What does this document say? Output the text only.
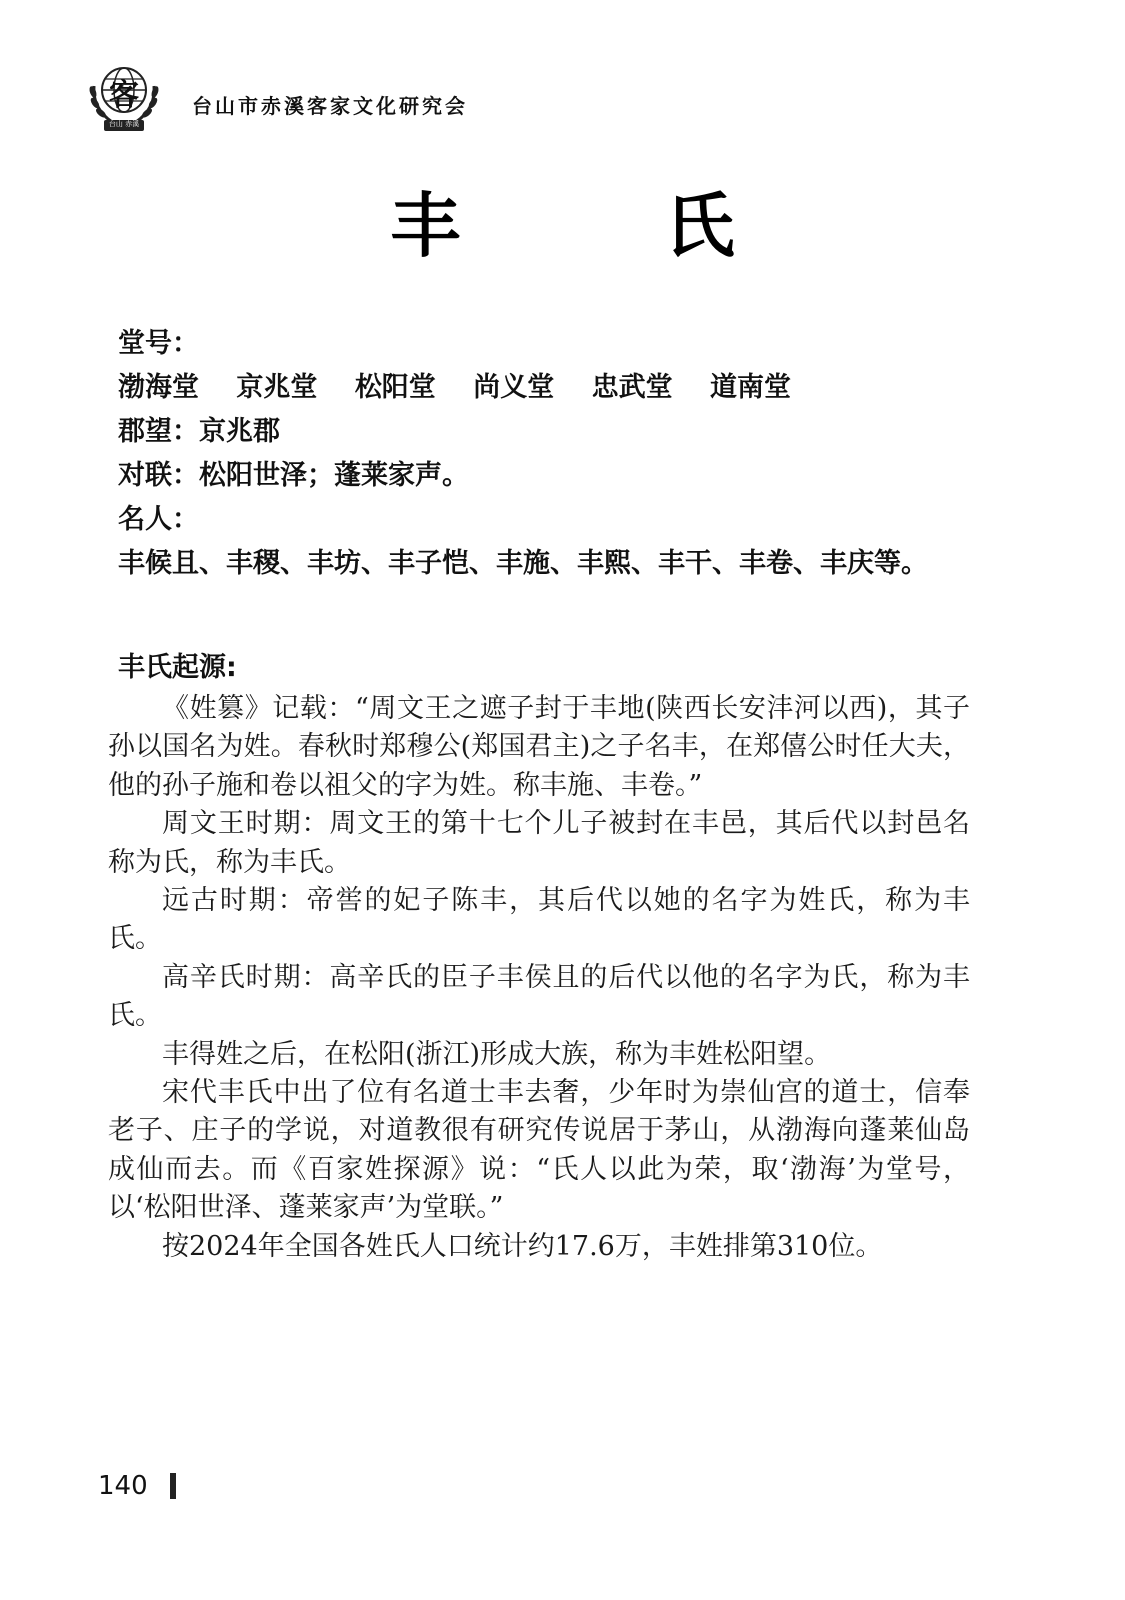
客
台山 赤溪
台山市赤溪客家文化研究会
丰 氏
堂号：
渤海堂 京兆堂 松阳堂 尚义堂 忠武堂 道南堂
郡望：京兆郡
对联：松阳世泽；蓬莱家声。
名人：
丰候且、丰稷、丰坊、丰子恺、丰施、丰熙、丰干、丰卷、丰庆等。
丰氏起源:

《姓篡》记载：“周文王之遮子封于丰地(陕西长安沣河以西)，其子孙以国名为姓。春秋时郑穆公(郑国君主)之子名丰，在郑僖公时任大夫，他的孙子施和卷以祖父的字为姓。称丰施、丰卷。”

周文王时期：周文王的第十七个儿子被封在丰邑，其后代以封邑名称为氏，称为丰氏。

远古时期：帝喾的妃子陈丰，其后代以她的名字为姓氏，称为丰氏。

高辛氏时期：高辛氏的臣子丰侯且的后代以他的名字为氏，称为丰氏。

丰得姓之后，在松阳(浙江)形成大族，称为丰姓松阳望。

宋代丰氏中出了位有名道士丰去奢，少年时为崇仙宫的道士，信奉老子、庄子的学说，对道教很有研究传说居于茅山，从渤海向蓬莱仙岛成仙而去。而《百家姓探源》说：“氏人以此为荣，取‘渤海’为堂号，以‘松阳世泽、蓬莱家声’为堂联。”

按2024年全国各姓氏人口统计约17.6万，丰姓排第310位。

140
